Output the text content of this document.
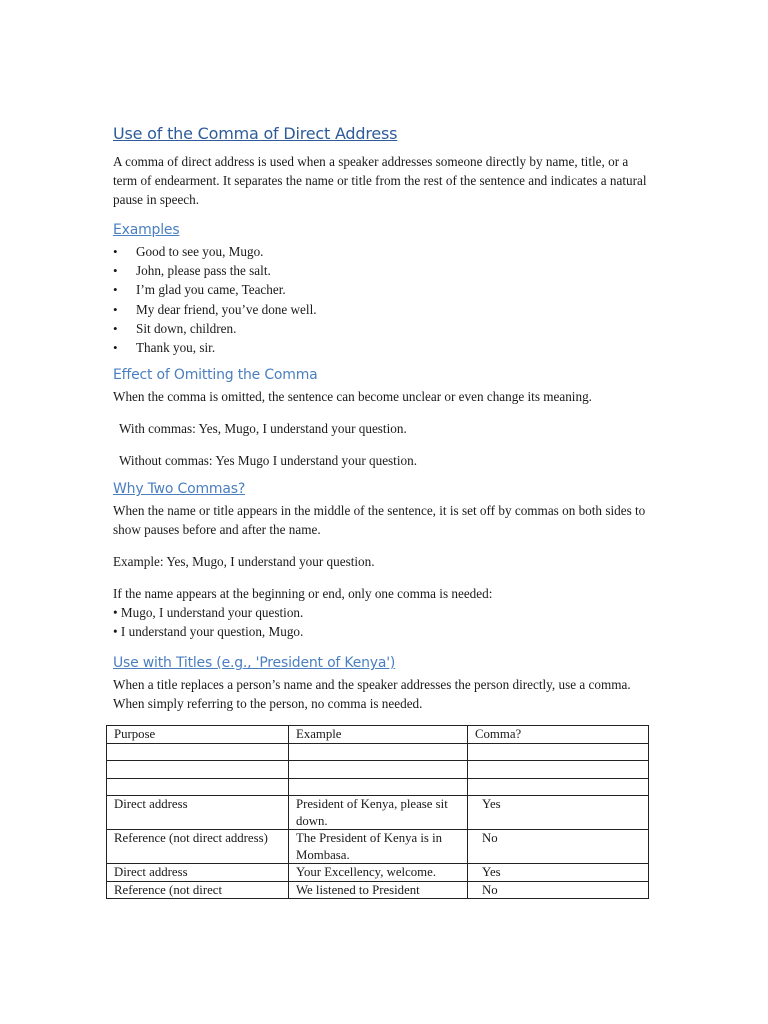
Use of the Comma of Direct Address

A comma of direct address is used when a speaker addresses someone directly by name, title, or a term of endearment. It separates the name or title from the rest of the sentence and indicates a natural pause in speech.

Examples
• Good to see you, Mugo.
• John, please pass the salt.
• I’m glad you came, Teacher.
• My dear friend, you’ve done well.
• Sit down, children.
• Thank you, sir.
Effect of Omitting the Comma

When the comma is omitted, the sentence can become unclear or even change its meaning.

With commas: Yes, Mugo, I understand your question.

Without commas: Yes Mugo I understand your question.

Why Two Commas?

When the name or title appears in the middle of the sentence, it is set off by commas on both sides to show pauses before and after the name.

Example: Yes, Mugo, I understand your question.

If the name appears at the beginning or end, only one comma is needed:

• Mugo, I understand your question.

• I understand your question, Mugo.

Use with Titles (e.g., 'President of Kenya')

When a title replaces a person’s name and the speaker addresses the person directly, use a comma. When simply referring to the person, no comma is needed.

Purpose	Example	Comma?

Direct address	President of Kenya, please sit down.	Yes
Reference (not direct address)	The President of Kenya is in Mombasa.	No
Direct address	Your Excellency, welcome.	Yes
Reference (not direct	We listened to President	No
